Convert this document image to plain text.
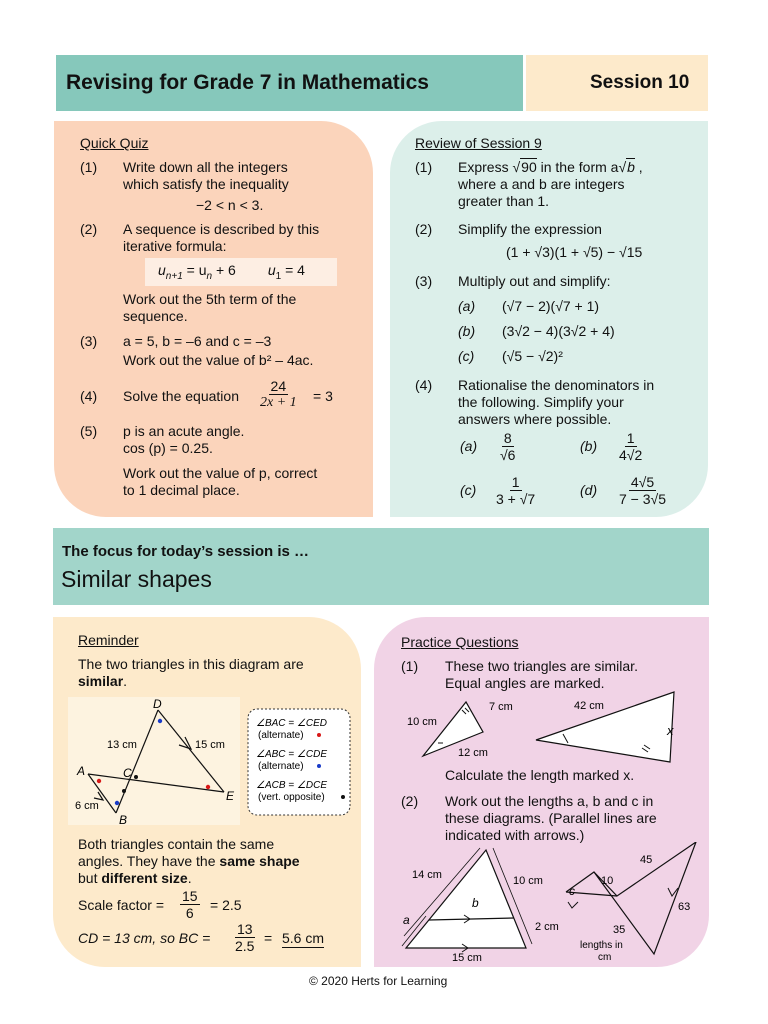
Revising for Grade 7 in Mathematics	Session 10
Quick Quiz
(1) Write down all the integers
which satisfy the inequality
−2 < n < 3.
(2) A sequence is described by this
iterative formula:
$u_{n+1} = u_n + 6$ $u_1 = 4$
Work out the 5th term of the
sequence.
(3) a = 5, b = –6 and c = –3
Work out the value of b² – 4ac.
(4) Solve the equation $\frac{24}{2x + 1} = 3$
(5) p is an acute angle.
cos (p) = 0.25.
Work out the value of p, correct
to 1 decimal place.
Review of Session 9
(1) Express √90 in the form a√b ,
where a and b are integers
greater than 1.
(2) Simplify the expression
(1 + √3)(1 + √5) − √15
(3) Multiply out and simplify:
(a) (√7 − 2)(√7 + 1)
(b) (3√2 − 4)(3√2 + 4)
(c) (√5 − √2)²
(4) Rationalise the denominators in
the following. Simplify your
answers where possible.
$(a) \frac{8}{√6}$	$(b) \frac{1}{4√2}$
$(c) \frac{1}{3 + √7}$	$(d) \frac{4√5}{7 - 3√5}$
The focus for today’s session is …
Similar shapes
Reminder
The two triangles in this diagram are
similar.
D
A	C
E
B
13 cm	15 cm
6 cm
∠BAC = ∠CED
(alternate)
∠ABC = ∠CDE
(alternate)
∠ACB = ∠DCE
(vert. opposite)
Both triangles contain the same
angles. They have the same shape
but different size.
Scale factor = $\frac{15}{6} = 2.5$
CD = 13 cm, so BC = $\frac{13}{2.5} = 5.6$ cm
Practice Questions
(1) These two triangles are similar.
Equal angles are marked.
7 cm
10 cm
12 cm
42 cm
x
Calculate the length marked x.
(2) Work out the lengths a, b and c in
these diagrams. (Parallel lines are
indicated with arrows.)
14 cm	10 cm
2 cm
15 cm
a
b
45
10
63
35
c
lengths in
cm
© 2020 Herts for Learning
